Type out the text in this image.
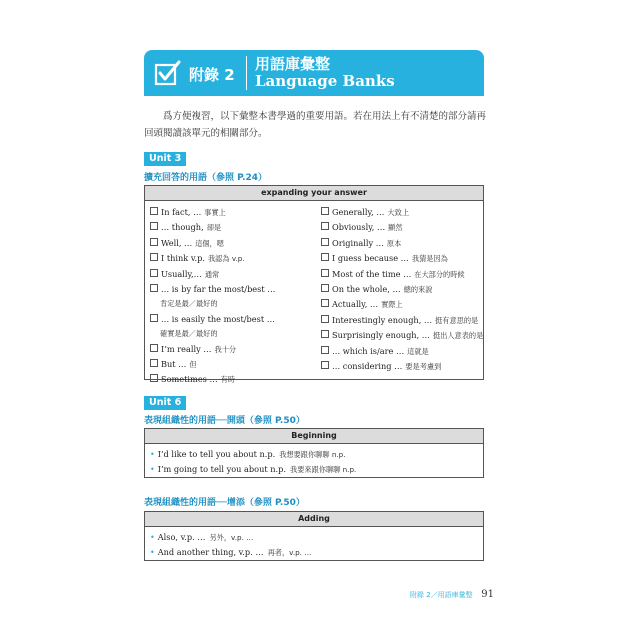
附錄 2
用語庫彙整
Language Banks
爲方便複習，以下彙整本書學過的重要用語。若在用法上有不清楚的部分請再回頭閱讀該單元的相關部分。
Unit 3
擴充回答的用語（參照 P.24）
expanding your answer
In fact, … 事實上
… though, 卻是
Well, … 這個，嗯
I think v.p. 我認為 v.p.
Usually,… 通常
… is by far the most/best …
肯定是最／最好的
… is easily the most/best …
確實是最／最好的
I’m really … 我十分
But … 但
Sometimes … 有時
Generally, … 大致上
Obviously, … 顯然
Originally … 原本
I guess because … 我猜是因為
Most of the time … 在大部分的時候
On the whole, … 總的來說
Actually, … 實際上
Interestingly enough, … 挺有意思的是
Surprisingly enough, … 挺出人意表的是
… which is/are … 這就是
… considering … 要是考慮到
Unit 6
表現組織性的用語──開頭（參照 P.50）
Beginning
• I’d like to tell you about n.p. 我想要跟你聊聊 n.p.
• I’m going to tell you about n.p. 我要來跟你聊聊 n.p.
表現組織性的用語──增添（參照 P.50）
Adding
• Also, v.p. … 另外，v.p. …
• And another thing, v.p. … 再者，v.p. …
附錄 2／用語庫彙整 91
